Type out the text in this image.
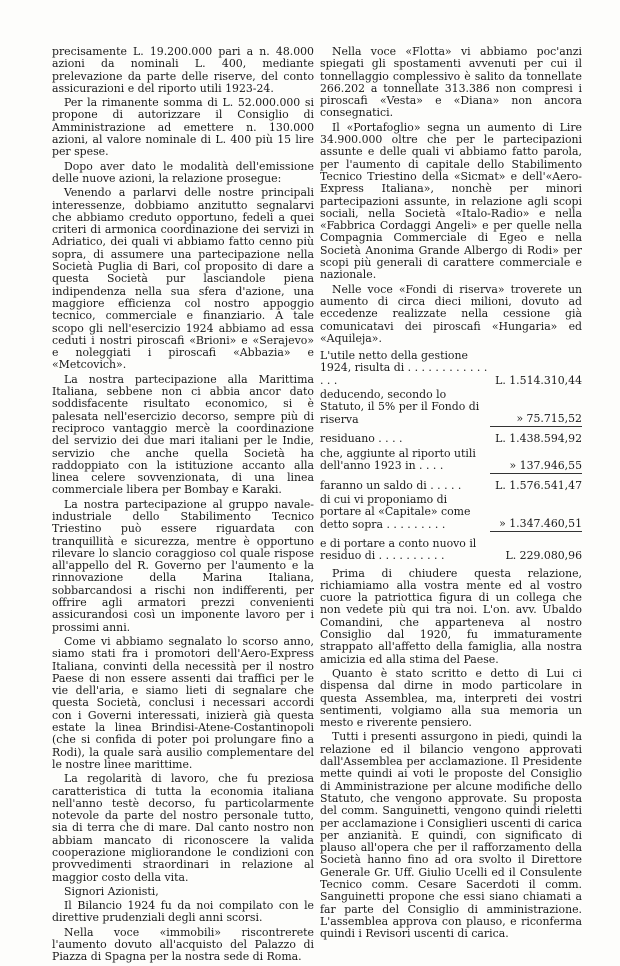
precisamente L. 19.200.000 pari a n. 48.000 azioni da nominali L. 400, mediante prelevazione da parte delle riserve, del conto assicurazioni e del riporto utili 1923-24.

Per la rimanente somma di L. 52.000.000 si propone di autorizzare il Consiglio di Amministrazione ad emettere n. 130.000 azioni, al valore nominale di L. 400 più 15 lire per spese.

Dopo aver dato le modalità dell'emissione delle nuove azioni, la relazione prosegue:

Venendo a parlarvi delle nostre principali interessenze, dobbiamo anzitutto segnalarvi che abbiamo creduto opportuno, fedeli a quei criteri di armonica coordinazione dei servizi in Adriatico, dei quali vi abbiamo fatto cenno più sopra, di assumere una partecipazione nella Società Puglia di Bari, col proposito di dare a questa Società pur lasciandole piena indipendenza nella sua sfera d'azione, una maggiore efficienza col nostro appoggio tecnico, commerciale e finanziario. A tale scopo gli nell'esercizio 1924 abbiamo ad essa ceduti i nostri piroscafi «Brioni» e «Serajevo» e noleggiati i piroscafi «Abbazia» e «Metcovich».

La nostra partecipazione alla Marittima Italiana, sebbene non ci abbia ancor dato soddisfacente risultato economico, si è palesata nell'esercizio decorso, sempre più di reciproco vantaggio mercè la coordinazione del servizio dei due mari italiani per le Indie, servizio che anche quella Società ha raddoppiato con la istituzione accanto alla linea celere sovvenzionata, di una linea commerciale libera per Bombay e Karaki.

La nostra partecipazione al gruppo navale-industriale dello Stabilimento Tecnico Triestino può essere riguardata con tranquillità e sicurezza, mentre è opportuno rilevare lo slancio coraggioso col quale rispose all'appello del R. Governo per l'aumento e la rinnovazione della Marina Italiana, sobbarcandosi a rischi non indifferenti, per offrire agli armatori prezzi convenienti assicurandosi così un imponente lavoro per i prossimi anni.

Come vi abbiamo segnalato lo scorso anno, siamo stati fra i promotori dell'Aero-Express Italiana, convinti della necessità per il nostro Paese di non essere assenti dai traffici per le vie dell'aria, e siamo lieti di segnalare che questa Società, conclusi i necessari accordi con i Governi interessati, inizierà già questa estate la linea Brindisi-Atene-Costantinopoli (che si confida di poter poi prolungare fino a Rodi), la quale sarà ausilio complementare del le nostre linee marittime.

La regolarità di lavoro, che fu preziosa caratteristica di tutta la economia italiana nell'anno testè decorso, fu particolarmente notevole da parte del nostro personale tutto, sia di terra che di mare. Dal canto nostro non abbiam mancato di riconoscere la valida cooperazione migliorandone le condizioni con provvedimenti straordinari in relazione al maggior costo della vita.

Signori Azionisti,

Il Bilancio 1924 fu da noi compilato con le direttive prudenziali degli anni scorsi.

Nella voce «immobili» riscontrerete l'aumento dovuto all'acquisto del Palazzo di Piazza di Spagna per la nostra sede di Roma.

Nella voce «Flotta» vi abbiamo poc'anzi spiegati gli spostamenti avvenuti per cui il tonnellaggio complessivo è salito da tonnellate 266.202 a tonnellate 313.386 non compresi i piroscafi «Vesta» e «Diana» non ancora consegnatici.

Il «Portafoglio» segna un aumento di Lire 34.900.000 oltre che per le partecipazioni assunte e delle quali vi abbiamo fatto parola, per l'aumento di capitale dello Stabilimento Tecnico Triestino della «Sicmat» e dell'«Aero-Express Italiana», nonchè per minori partecipazioni assunte, in relazione agli scopi sociali, nella Società «Italo-Radio» e nella «Fabbrica Cordaggi Angeli» e per quelle nella Compagnia Commerciale di Egeo e nella Società Anonima Grande Albergo di Rodi» per scopi più generali di carattere commerciale e nazionale.

Nelle voce «Fondi di riserva» troverete un aumento di circa dieci milioni, dovuto ad eccedenze realizzate nella cessione già comunicatavi dei piroscafi «Hungaria» ed «Aquileja».

L'utile netto della gestione 1924, risulta di . . . . . . . . . . . . . . .	L. 1.514.310,44
deducendo, secondo lo Statuto, il 5% per il Fondo di riserva	» 75.715,52
residuano . . . .	L. 1.438.594,92
che, aggiunte al riporto utili dell'anno 1923 in . . . .	» 137.946,55
faranno un saldo di . . . . .	L. 1.576.541,47
di cui vi proponiamo di portare al «Capitale» come detto sopra . . . . . . . . .	» 1.347.460,51
e di portare a conto nuovo il residuo di . . . . . . . . . .	L. 229.080,96

Prima di chiudere questa relazione, richiamiamo alla vostra mente ed al vostro cuore la patriottica figura di un collega che non vedete più qui tra noi. L'on. avv. Ubaldo Comandini, che apparteneva al nostro Consiglio dal 1920, fu immaturamente strappato all'affetto della famiglia, alla nostra amicizia ed alla stima del Paese.

Quanto è stato scritto e detto di Lui ci dispensa dal dirne in modo particolare in questa Assemblea, ma, interpreti dei vostri sentimenti, volgiamo alla sua memoria un mesto e riverente pensiero.

Tutti i presenti assurgono in piedi, quindi la relazione ed il bilancio vengono approvati dall'Assemblea per acclamazione. Il Presidente mette quindi ai voti le proposte del Consiglio di Amministrazione per alcune modifiche dello Statuto, che vengono approvate. Su proposta del comm. Sanguinetti, vengono quindi rieletti per acclamazione i Consiglieri uscenti di carica per anzianità. E quindi, con significato di plauso all'opera che per il rafforzamento della Società hanno fino ad ora svolto il Direttore Generale Gr. Uff. Giulio Ucelli ed il Consulente Tecnico comm. Cesare Sacerdoti il comm. Sanguinetti propone che essi siano chiamati a far parte del Consiglio di amministrazione. L'assemblea approva con plauso, e riconferma quindi i Revisori uscenti di carica.
